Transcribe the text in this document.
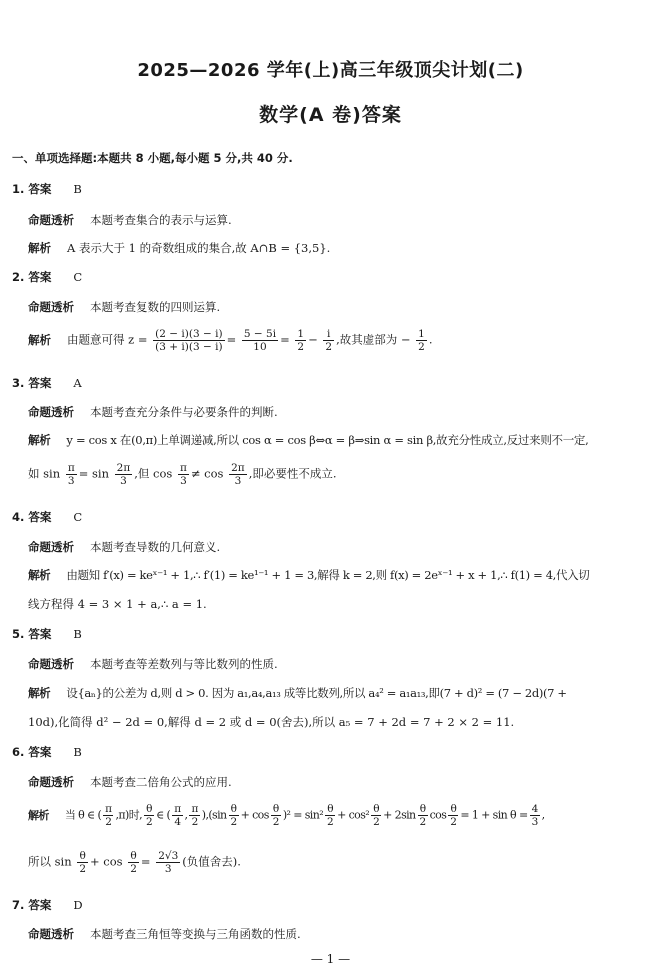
2025—2026 学年(上)高三年级顶尖计划(二)
数学(A 卷)答案
一、单项选择题:本题共 8 小题,每小题 5 分,共 40 分.
1. 答案 B
命题透析 本题考查集合的表示与运算.
解析 A 表示大于 1 的奇数组成的集合,故 A∩B = {3,5}.
2. 答案 C
命题透析 本题考查复数的四则运算.
解析 由题意可得 $z = \frac{(2 - i)(3 - i)}{(3 + i)(3 - i)} = \frac{5 - 5i}{10} = \frac{1}{2} - \frac{i}{2}$ ,故其虚部为 − $\frac{1}{2}$ .
3. 答案 A
命题透析 本题考查充分条件与必要条件的判断.
解析 y = cos x 在(0,π)上单调递减,所以 cos α = cos β⇔α = β⇒sin α = sin β,故充分性成立,反过来则不一定,
如 $\sin \frac{\pi}{3} = \sin \frac{2\pi}{3}$ ,但 $\cos \frac{\pi}{3} \ne \cos \frac{2\pi}{3}$ ,即必要性不成立.
4. 答案 C
命题透析 本题考查导数的几何意义.
解析 由题知 f′(x) = keˣ⁻¹ + 1,∴ f′(1) = ke¹⁻¹ + 1 = 3,解得 k = 2,则 f(x) = 2eˣ⁻¹ + x + 1,∴ f(1) = 4,代入切
线方程得 4 = 3 × 1 + a,∴ a = 1.
5. 答案 B
命题透析 本题考查等差数列与等比数列的性质.
解析 设{aₙ}的公差为 d,则 d > 0. 因为 a₁,a₄,a₁₃ 成等比数列,所以 a₄² = a₁a₁₃,即(7 + d)² = (7 − 2d)(7 +
10d),化简得 d² − 2d = 0,解得 d = 2 或 d = 0(舍去),所以 a₅ = 7 + 2d = 7 + 2 × 2 = 11.
6. 答案 B
命题透析 本题考查二倍角公式的应用.
解析 当 θ ∈ ( $\frac{\pi}{2} ,\pi$)时, $\frac{\theta}{2}$ ∈ ( $\frac{\pi}{4}$ , $\frac{\pi}{2} ),(\sin \frac{\theta}{2} + \cos \frac{\theta}{2} )^2 = \sin^2 \frac{\theta}{2} + \cos^2 \frac{\theta}{2} + 2\sin \frac{\theta}{2}$ $\cos \frac{\theta}{2} = 1 + \sin \theta = \frac{4}{3}$ ,
所以 $\sin \frac{\theta}{2} + \cos \frac{\theta}{2} = \frac{2√3}{3}$ (负值舍去).
7. 答案 D
命题透析 本题考查三角恒等变换与三角函数的性质.
— 1 —
